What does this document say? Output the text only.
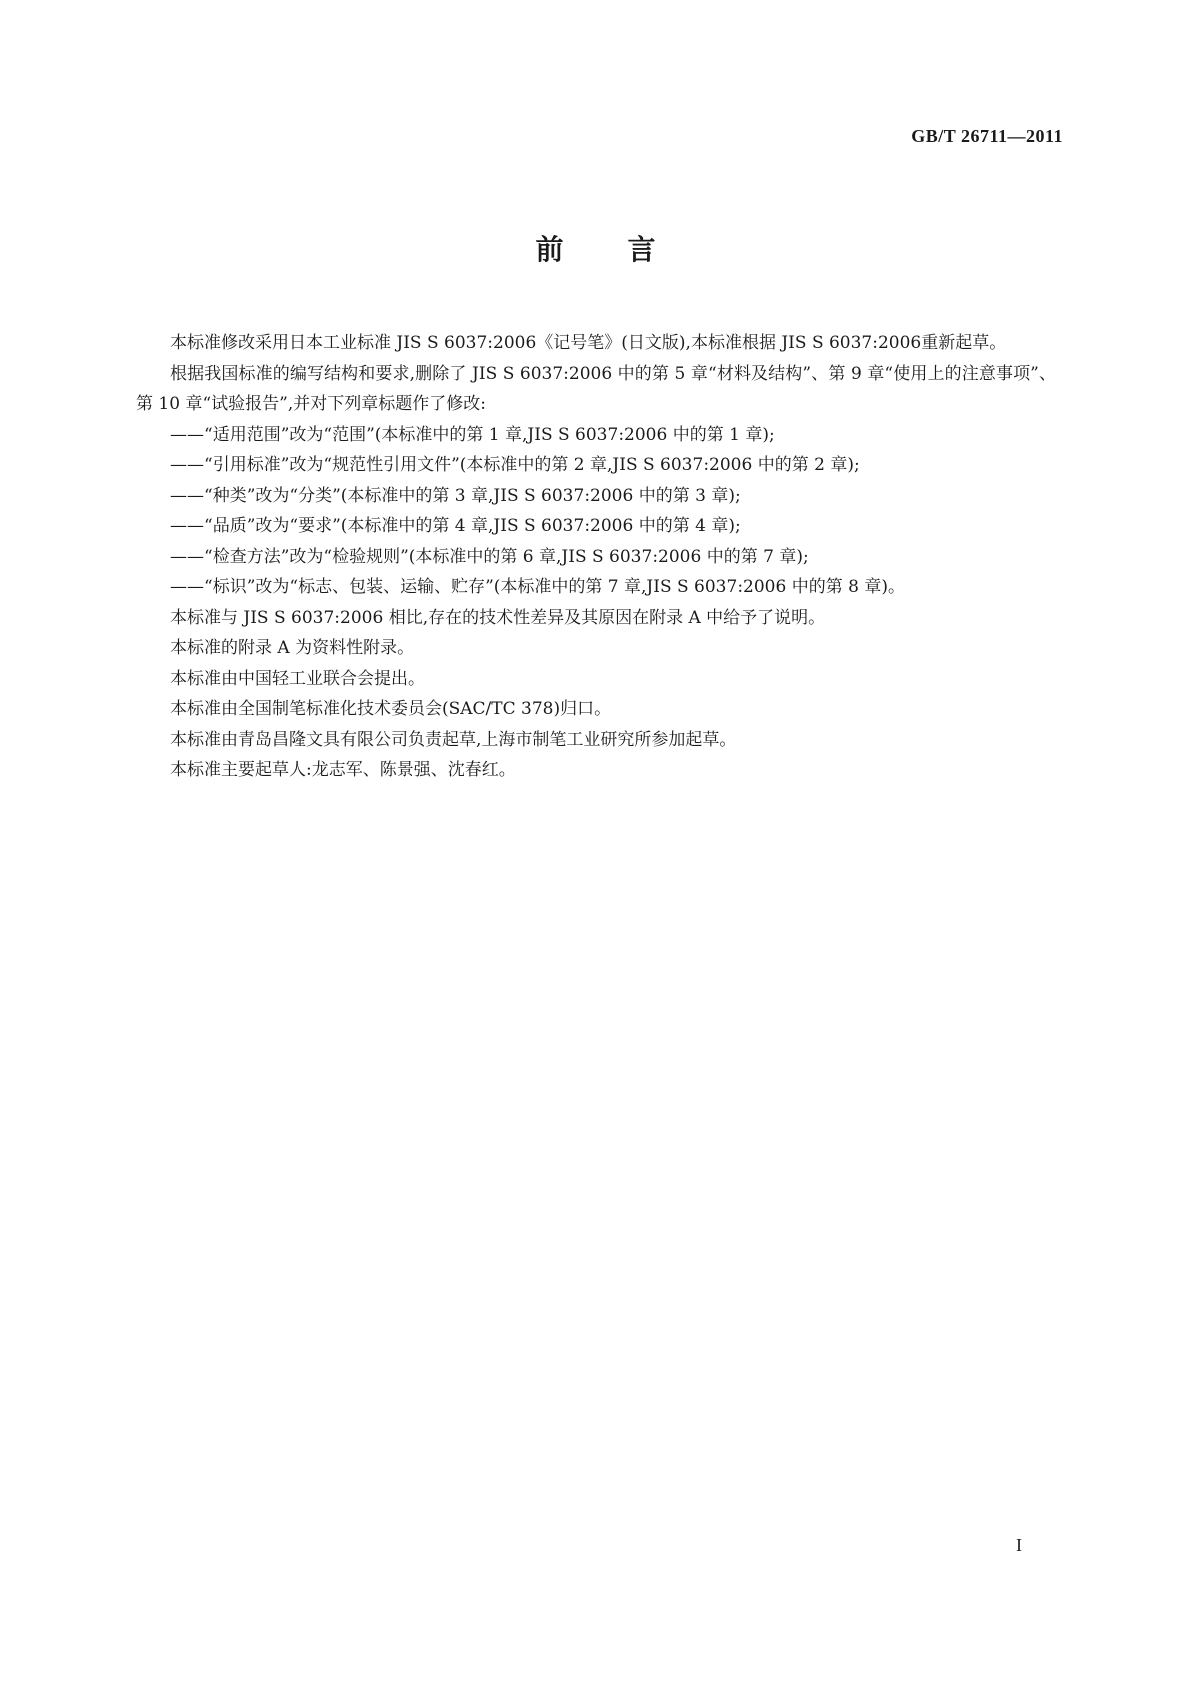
GB/T 26711—2011
前 言

本标准修改采用日本工业标准 JIS S 6037:2006《记号笔》(日文版),本标准根据 JIS S 6037:2006重新起草。

根据我国标准的编写结构和要求,删除了 JIS S 6037:2006 中的第 5 章“材料及结构”、第 9 章“使用上的注意事项”、第 10 章“试验报告”,并对下列章标题作了修改:

——“适用范围”改为“范围”(本标准中的第 1 章,JIS S 6037:2006 中的第 1 章);

——“引用标准”改为“规范性引用文件”(本标准中的第 2 章,JIS S 6037:2006 中的第 2 章);

——“种类”改为“分类”(本标准中的第 3 章,JIS S 6037:2006 中的第 3 章);

——“品质”改为“要求”(本标准中的第 4 章,JIS S 6037:2006 中的第 4 章);

——“检查方法”改为“检验规则”(本标准中的第 6 章,JIS S 6037:2006 中的第 7 章);

——“标识”改为“标志、包装、运输、贮存”(本标准中的第 7 章,JIS S 6037:2006 中的第 8 章)。

本标准与 JIS S 6037:2006 相比,存在的技术性差异及其原因在附录 A 中给予了说明。

本标准的附录 A 为资料性附录。

本标准由中国轻工业联合会提出。

本标准由全国制笔标准化技术委员会(SAC/TC 378)归口。

本标准由青岛昌隆文具有限公司负责起草,上海市制笔工业研究所参加起草。

本标准主要起草人:龙志军、陈景强、沈春红。

I
